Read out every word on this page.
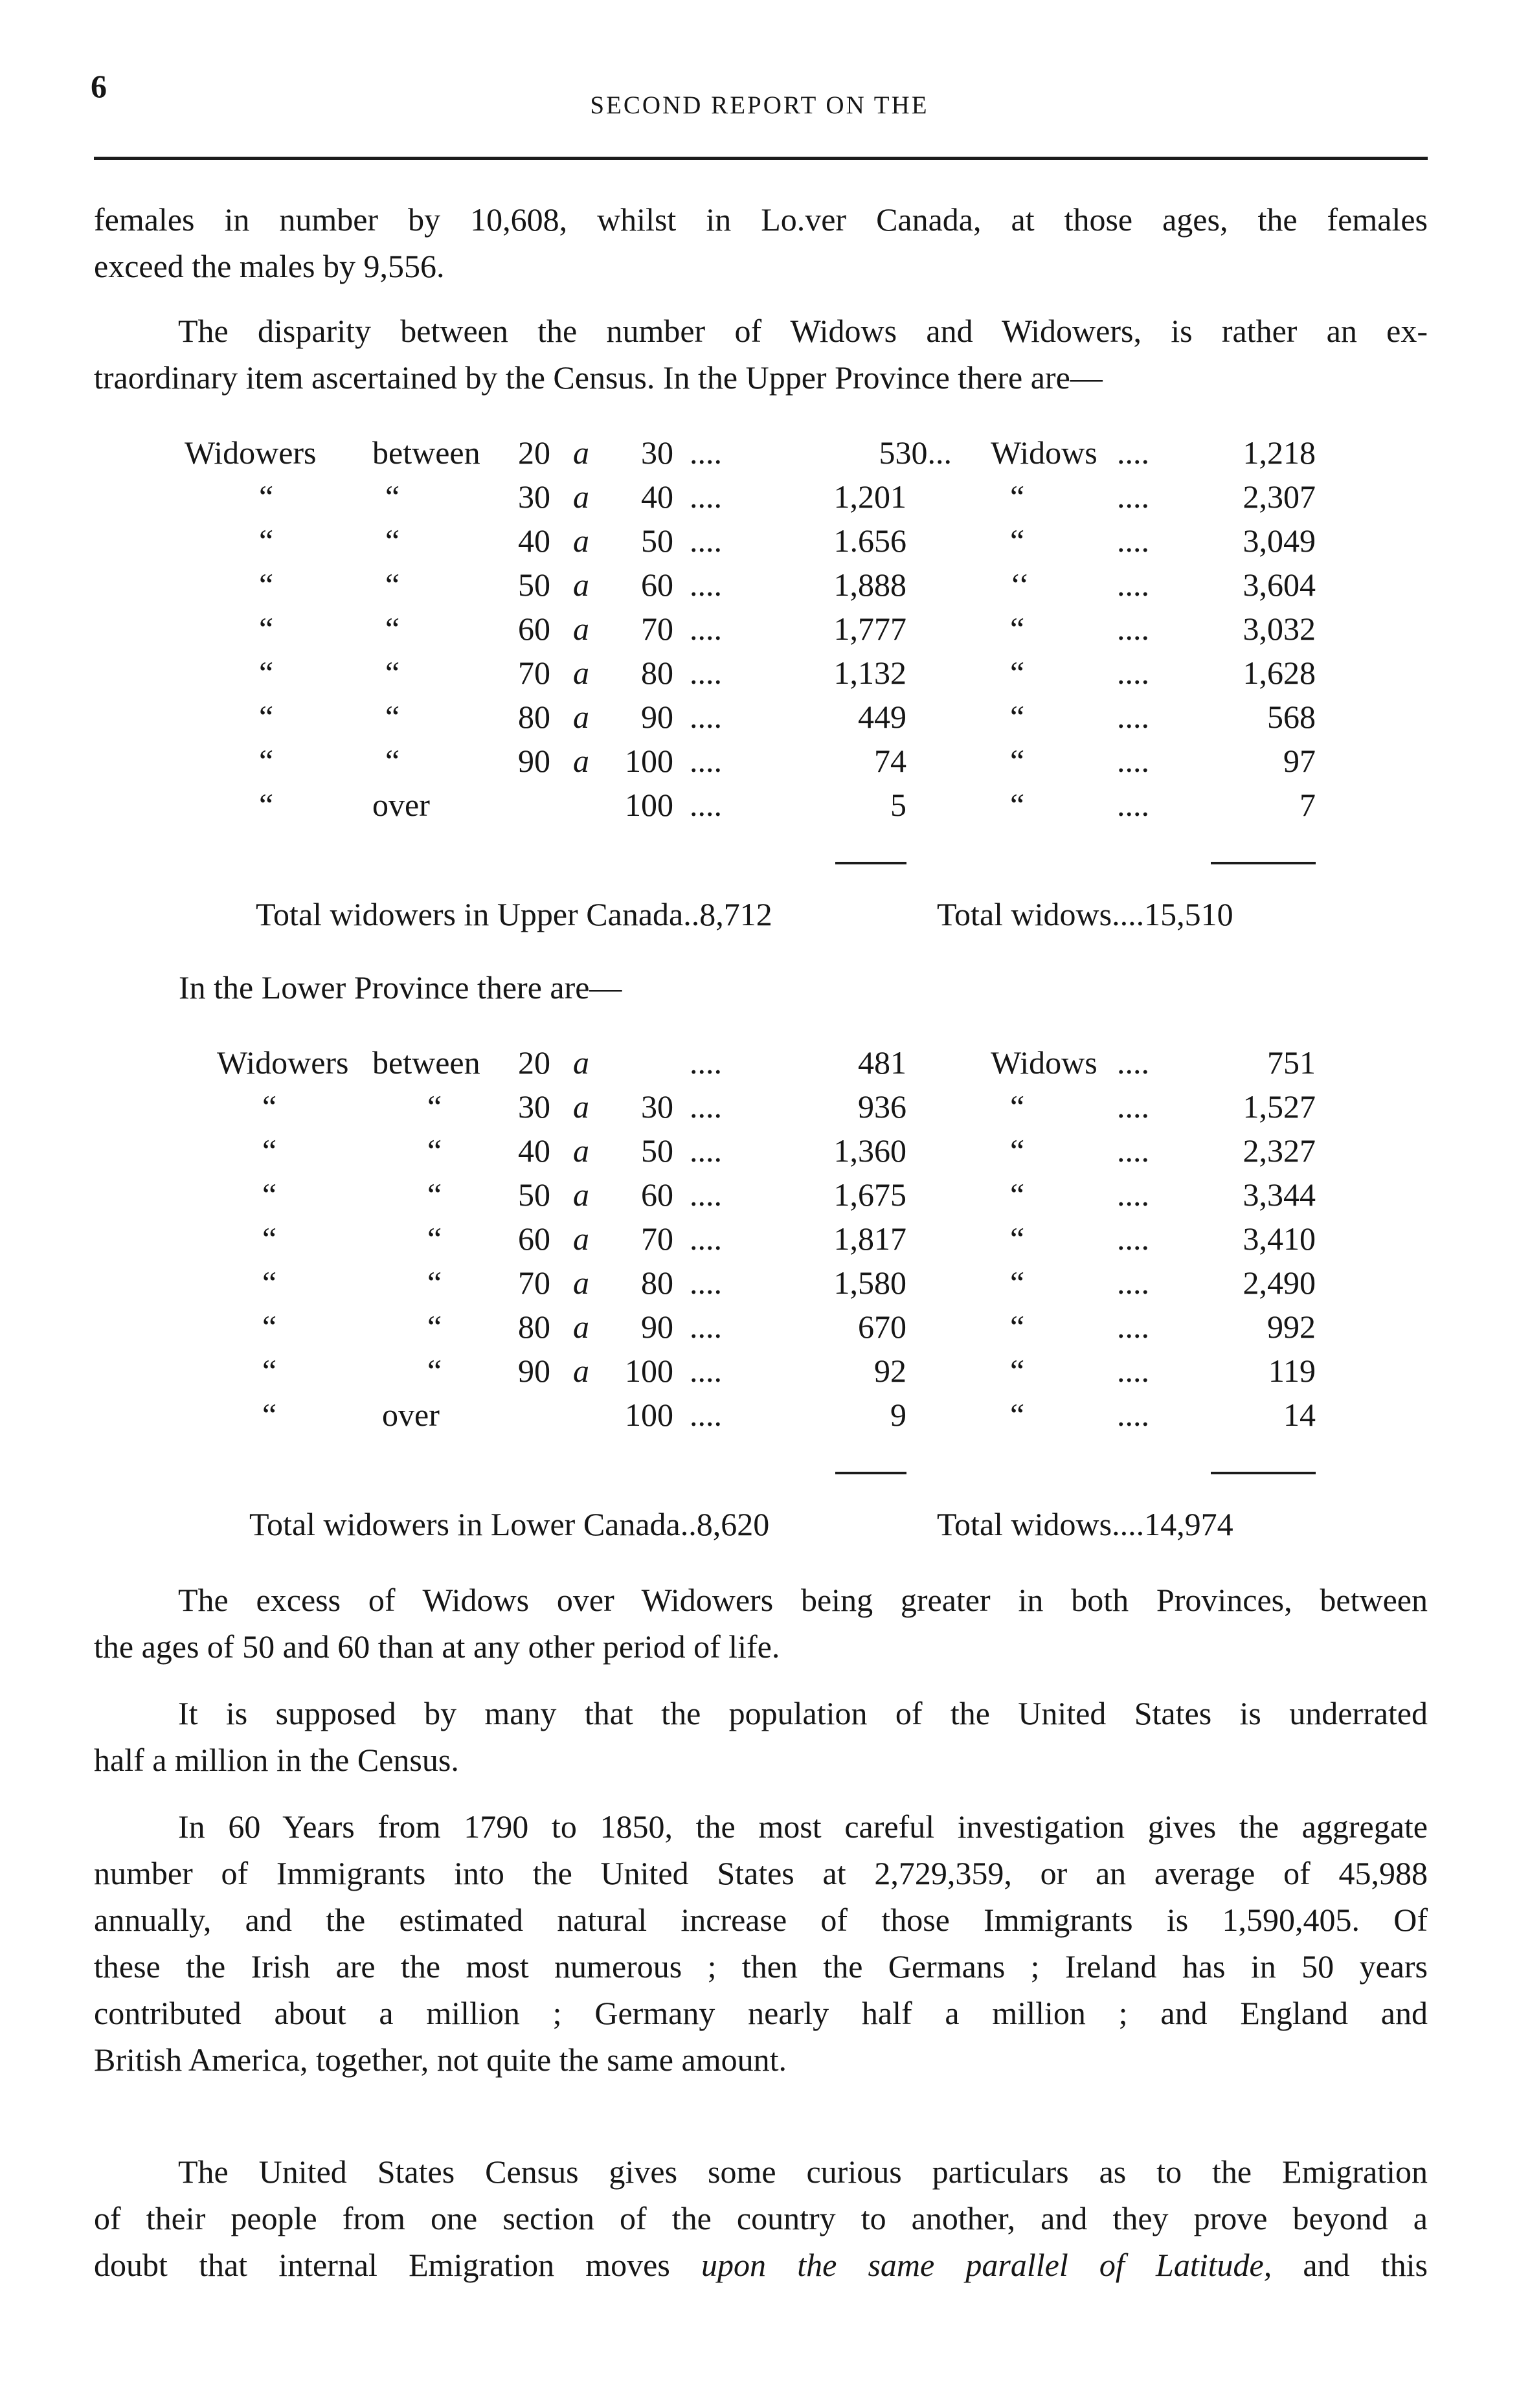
6
SECOND REPORT ON THE
females in number by 10,608, whilst in Lo.ver Canada, at those ages, the females
exceed the males by 9,556.
The disparity between the number of Widows and Widowers, is rather an ex-
traordinary item ascertained by the Census. In the Upper Province there are—
Widowers between 20 a 30 ....	530... Widows ....	1,218
“	“	30 a 40 ....	1,201	“	....	2,307
“	“	40 a 50 ....	1.656	“	....	3,049
“	“	50 a 60 ....	1,888	‘‘	....	3,604
“	“	60 a 70 ....	1,777	“	....	3,032
“	“	70 a 80 ....	1,132	“	....	1,628
“	“	80 a 90 ....	449	“	....	568
“	“	90 a 100 ....	74	“	....	97
“	over	100 ....	5	“	....	7
Total widowers in Upper Canada..8,712	Total widows....15,510
In the Lower Province there are—
Widowers between 20 a	....	481	Widows ....	751
“	“ 30 a 30 ....	936	“	....	1,527
“	“ 40 a 50 ....	1,360	“	....	2,327
“	“ 50 a 60 ....	1,675	“	....	3,344
“	“ 60 a 70 ....	1,817	“	....	3,410
“	“ 70 a 80 ....	1,580	“	....	2,490
“	“ 80 a 90 ....	670	“	....	992
“	“ 90 a 100 ....	92	“	....	119
“	over	100 ....	9	“	....	14
Total widowers in Lower Canada..8,620	Total widows....14,974
The excess of Widows over Widowers being greater in both Provinces, between
the ages of 50 and 60 than at any other period of life.
It is supposed by many that the population of the United States is underrated
half a million in the Census.
In 60 Years from 1790 to 1850, the most careful investigation gives the aggregate
number of Immigrants into the United States at 2,729,359, or an average of 45,988
annually, and the estimated natural increase of those Immigrants is 1,590,405. Of
these the Irish are the most numerous ; then the Germans ; Ireland has in 50 years
contributed about a million ; Germany nearly half a million ; and England and
British America, together, not quite the same amount.
The United States Census gives some curious particulars as to the Emigration
of their people from one section of the country to another, and they prove beyond a
doubt that internal Emigration moves upon the same parallel of Latitude, and this
